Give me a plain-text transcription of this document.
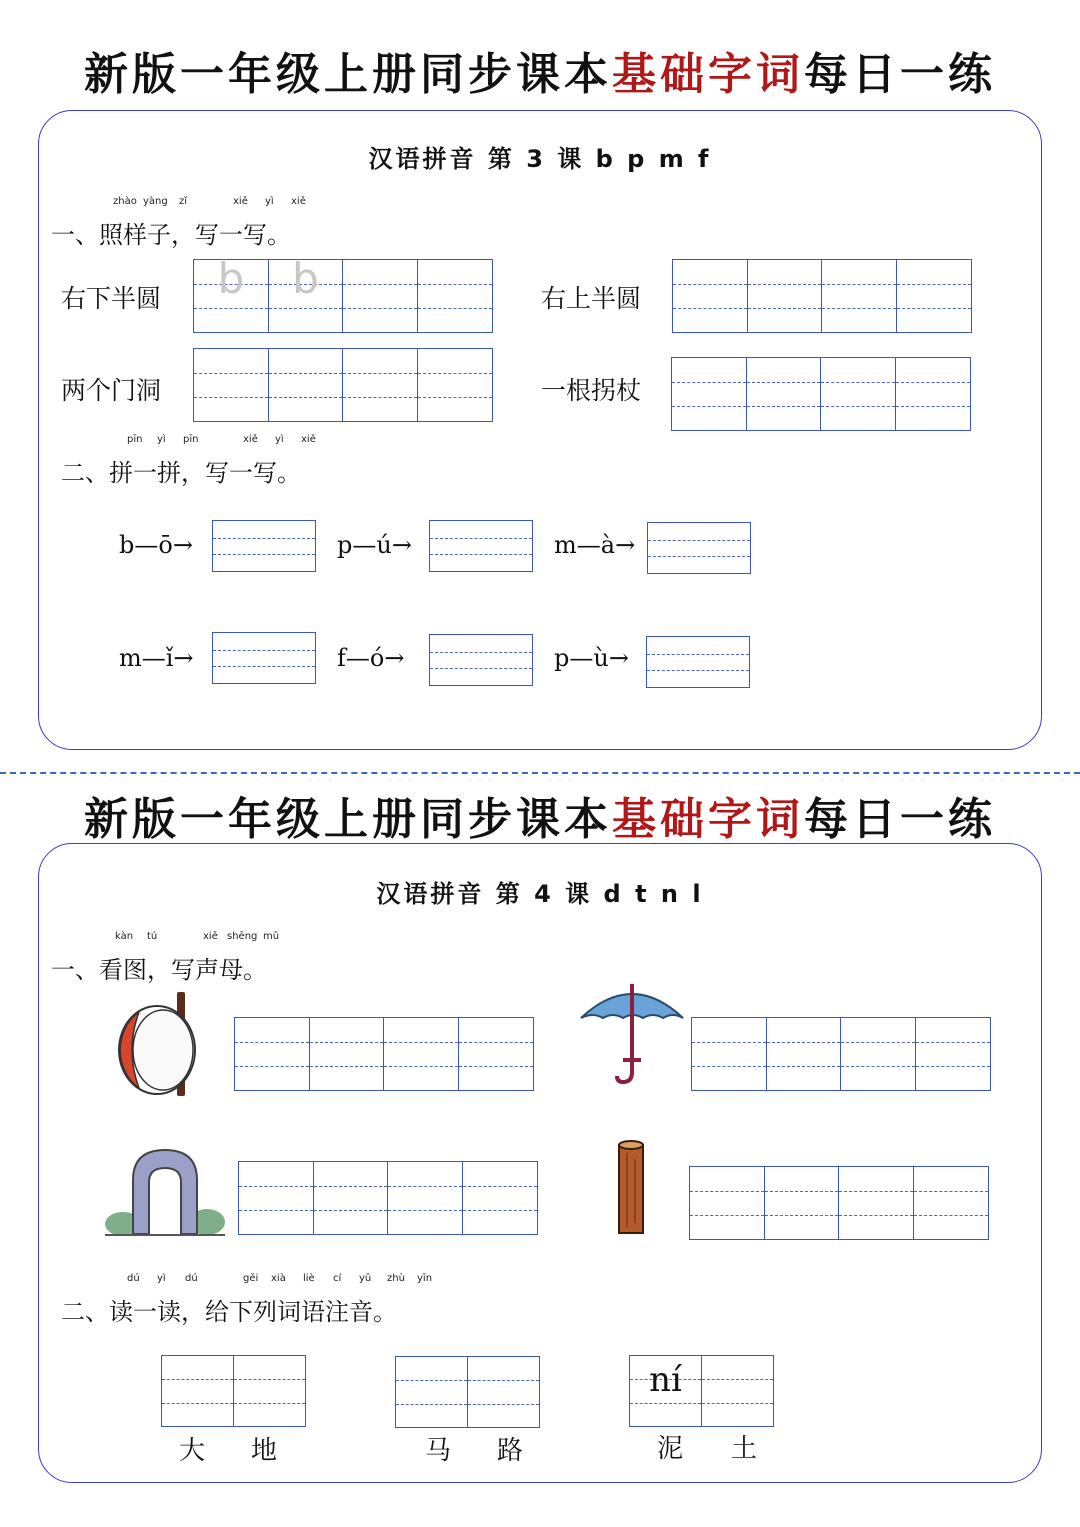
新版一年级上册同步课本基础字词每日一练
汉语拼音 第 3 课 b p m f
一、照样子，写一写。
zhào yàng zǐ	xiě yì xiě
右下半圆	右上半圆
两个门洞	一根拐杖
b	b
二、拼一拼，写一写。
pīn yì pīn	xiě yì xiě
b—ō→	p—ú→	m—à→
m—ǐ→	f—ó→	p—ù→
新版一年级上册同步课本基础字词每日一练
汉语拼音 第 4 课 d t n l
一、看图，写声母。
kàn tú	xiě shēng mǔ
二、读一读，给下列词语注音。
dú yì dú	gěi xià liè cí yǔ zhù yīn
大 地	马 路
ní
泥 土
